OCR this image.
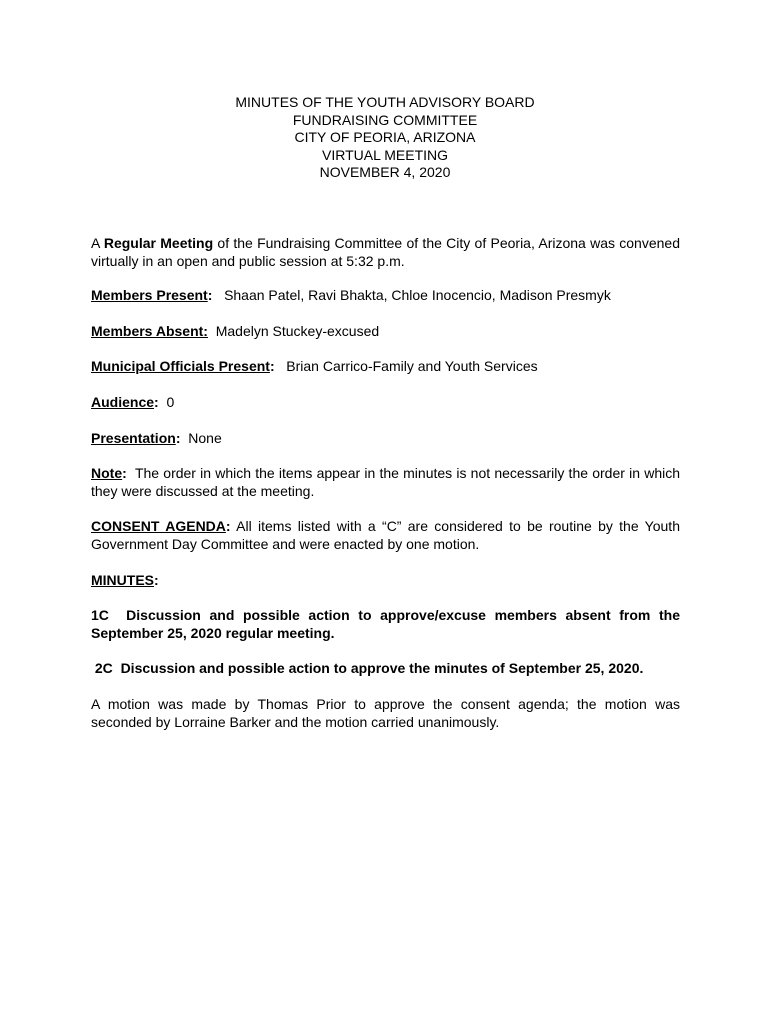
MINUTES OF THE YOUTH ADVISORY BOARD
FUNDRAISING COMMITTEE
CITY OF PEORIA, ARIZONA
VIRTUAL MEETING
NOVEMBER 4, 2020

A Regular Meeting of the Fundraising Committee of the City of Peoria, Arizona was convened virtually in an open and public session at 5:32 p.m.

Members Present: Shaan Patel, Ravi Bhakta, Chloe Inocencio, Madison Presmyk

Members Absent: Madelyn Stuckey-excused

Municipal Officials Present: Brian Carrico-Family and Youth Services

Audience: 0

Presentation: None

Note: The order in which the items appear in the minutes is not necessarily the order in which they were discussed at the meeting.

CONSENT AGENDA: All items listed with a “C” are considered to be routine by the Youth Government Day Committee and were enacted by one motion.

MINUTES:

1C  Discussion and possible action to approve/excuse members absent from the September 25, 2020 regular meeting.

2C  Discussion and possible action to approve the minutes of September 25, 2020.

A motion was made by Thomas Prior to approve the consent agenda; the motion was seconded by Lorraine Barker and the motion carried unanimously.
